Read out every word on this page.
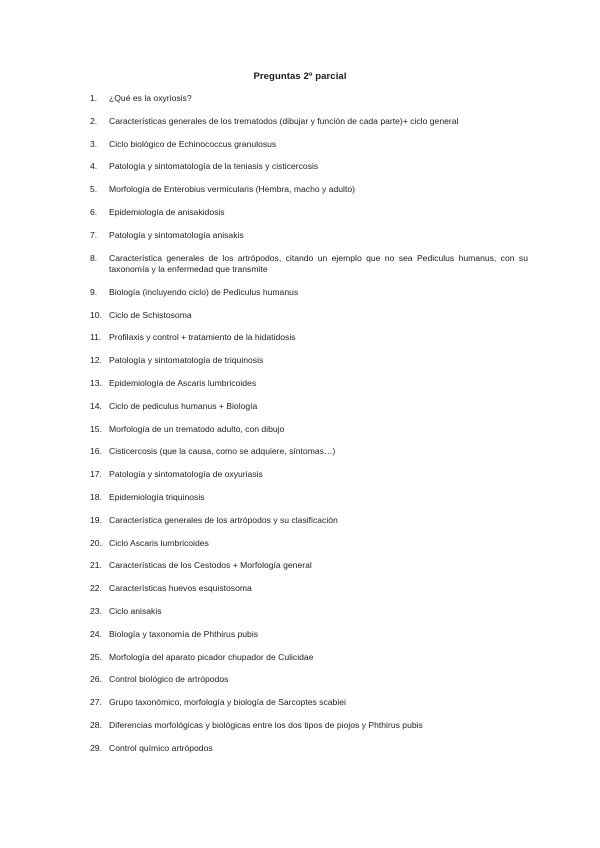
Preguntas 2º parcial
1.	¿Qué es la oxyriosis?
2.	Características generales de los trematodos (dibujar y función de cada parte)+ ciclo general
3.	Ciclo biológico de Echinococcus granulosus
4.	Patología y sintomatología de la teniasis y cisticercosis
5.	Morfología de Enterobius vermicularis (Hembra, macho y adulto)
6.	Epidemiología de anisakidosis
7.	Patología y sintomatología anisakis
8.	Característica generales de los artrópodos, citando un ejemplo que no sea Pediculus humanus, con su taxonomía y la enfermedad que transmite
9.	Biología (incluyendo ciclo) de Pediculus humanus
10. Ciclo de Schistosoma
11. Profilaxis y control + tratamiento de la hidatidosis
12. Patología y sintomatología de triquinosis
13. Epidemiología de Ascaris lumbricoides
14. Ciclo de pediculus humanus + Biología
15. Morfología de un trematodo adulto, con dibujo
16. Cisticercosis (que la causa, como se adquiere, síntomas…)
17. Patología y sintomatología de oxyuriasis
18. Epidemiología triquinosis
19. Característica generales de los artrópodos y su clasificación
20. Ciclo Ascaris lumbricoides
21. Características de los Cestodos + Morfología general
22. Características huevos esquistosoma
23. Ciclo anisakis
24. Biología y taxonomía de Phthirus pubis
25. Morfología del aparato picador chupador de Culicidae
26. Control biológico de artrópodos
27. Grupo taxonómico, morfología y biología de Sarcoptes scabiei
28. Diferencias morfológicas y biológicas entre los dos tipos de piojos y Phthirus pubis
29. Control químico artrópodos
